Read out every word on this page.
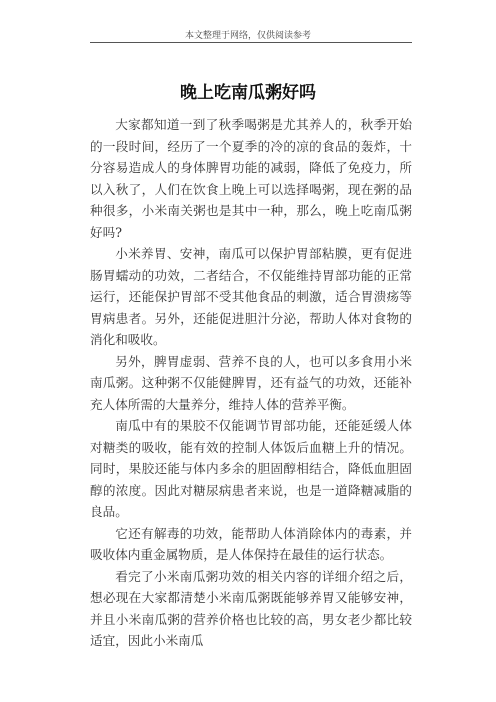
本文整理于网络，仅供阅读参考
晚上吃南瓜粥好吗

大家都知道一到了秋季喝粥是尤其养人的，秋季开始的一段时间，经历了一个夏季的冷的凉的食品的轰炸，十分容易造成人的身体脾胃功能的减弱，降低了免疫力，所以入秋了，人们在饮食上晚上可以选择喝粥，现在粥的品种很多，小米南关粥也是其中一种，那么，晚上吃南瓜粥好吗?

小米养胃、安神，南瓜可以保护胃部粘膜，更有促进肠胃蠕动的功效，二者结合，不仅能维持胃部功能的正常运行，还能保护胃部不受其他食品的刺激，适合胃溃疡等胃病患者。另外，还能促进胆汁分泌，帮助人体对食物的消化和吸收。

另外，脾胃虚弱、营养不良的人，也可以多食用小米南瓜粥。这种粥不仅能健脾胃，还有益气的功效，还能补充人体所需的大量养分，维持人体的营养平衡。

南瓜中有的果胶不仅能调节胃部功能，还能延缓人体对糖类的吸收，能有效的控制人体饭后血糖上升的情况。同时，果胶还能与体内多余的胆固醇相结合，降低血胆固醇的浓度。因此对糖尿病患者来说，也是一道降糖减脂的良品。

它还有解毒的功效，能帮助人体消除体内的毒素，并吸收体内重金属物质，是人体保持在最佳的运行状态。

看完了小米南瓜粥功效的相关内容的详细介绍之后，想必现在大家都清楚小米南瓜粥既能够养胃又能够安神，并且小米南瓜粥的营养价格也比较的高，男女老少都比较适宜，因此小米南瓜
